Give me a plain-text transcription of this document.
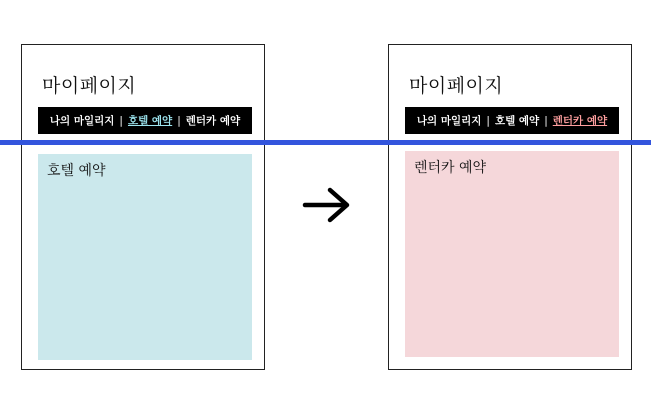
마이페이지
나의 마일리지 | 호텔 예약 | 렌터카 예약
호텔 예약
마이페이지
나의 마일리지 | 호텔 예약 | 렌터카 예약
렌터카 예약
